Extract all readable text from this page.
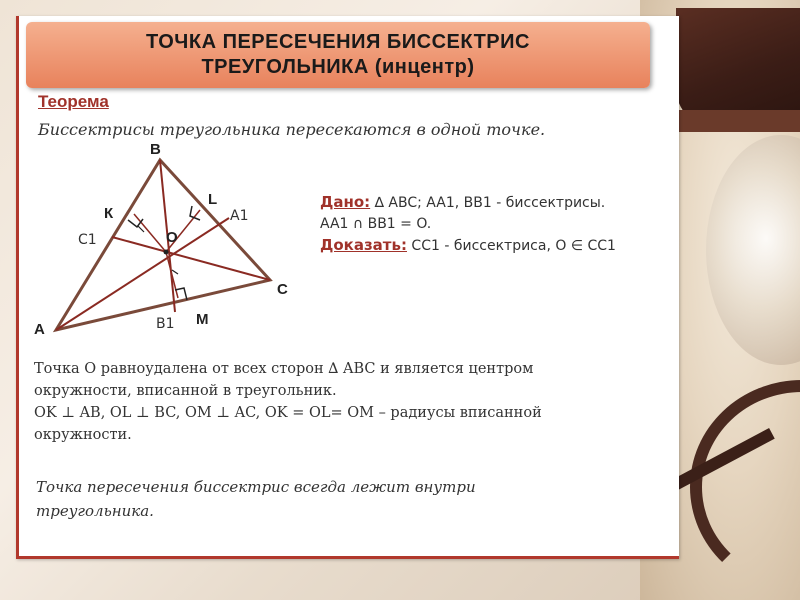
ТОЧКА ПЕРЕСЕЧЕНИЯ БИССЕКТРИС
ТРЕУГОЛЬНИКА (инцентр)
Теорема
Биссектрисы треугольника пересекаются в одной точке.
А
В
С
К
L
М
О
А1
В1
С1
Дано: ∆ ABC; AA1, BB1 - биссектрисы. AA1 ∩ BB1 = O.
Доказать: CC1 - биссектриса, O ∈ CC1
Точка О равноудалена от всех сторон ∆ ABC и является центром окружности, вписанной в треугольник.
OK ⊥ AB, OL ⊥ BC, OM ⊥ AC, OK = OL= OM – радиусы вписанной окружности.
Точка пересечения биссектрис всегда лежит внутри треугольника.
